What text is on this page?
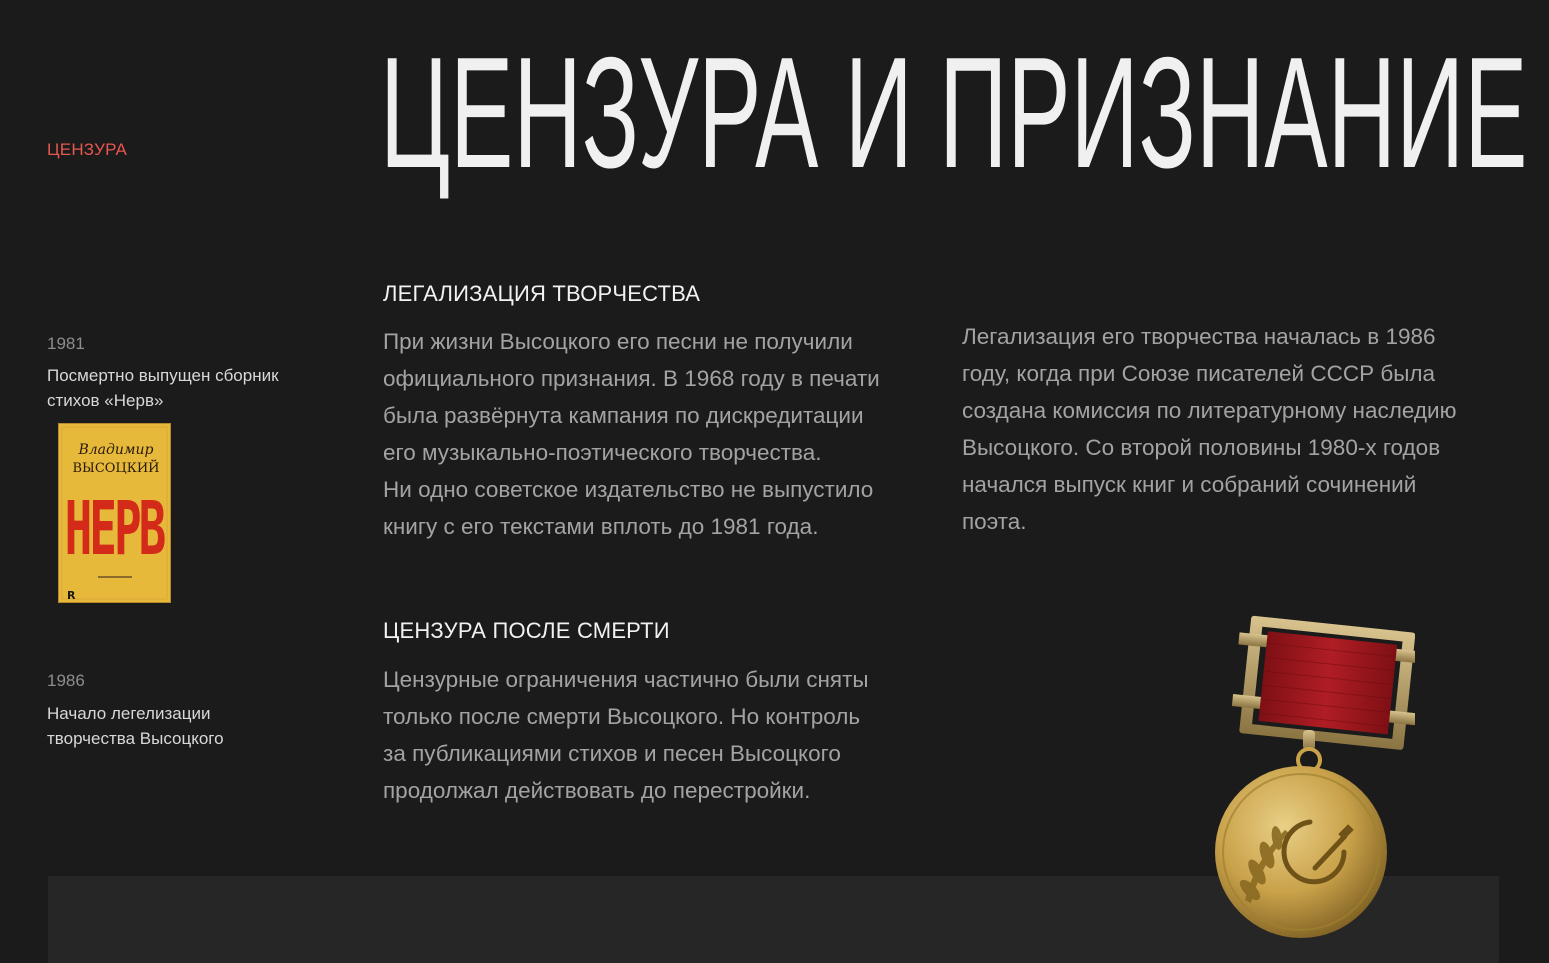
ЦЕНЗУРА ЦЕНЗУРА И ПРИЗНАНИЕ
1981
Посмертно выпущен сборник стихов «Нерв»
Владимир
ВЫСОЦКИЙ
НЕРВ
R
1986
Начало легелизации творчества Высоцкого
ЛЕГАЛИЗАЦИЯ ТВОРЧЕСТВА
При жизни Высоцкого его песни не получили
официального признания. В 1968 году в печати
была развёрнута кампания по дискредитации
его музыкально-поэтического творчества.
Ни одно советское издательство не выпустило
книгу с его текстами вплоть до 1981 года.
Легализация его творчества началась в 1986
году, когда при Союзе писателей СССР была
создана комиссия по литературному наследию
Высоцкого. Со второй половины 1980-х годов
начался выпуск книг и собраний сочинений
поэта.
ЦЕНЗУРА ПОСЛЕ СМЕРТИ
Цензурные ограничения частично были сняты
только после смерти Высоцкого. Но контроль
за публикациями стихов и песен Высоцкого
продолжал действовать до перестройки.
